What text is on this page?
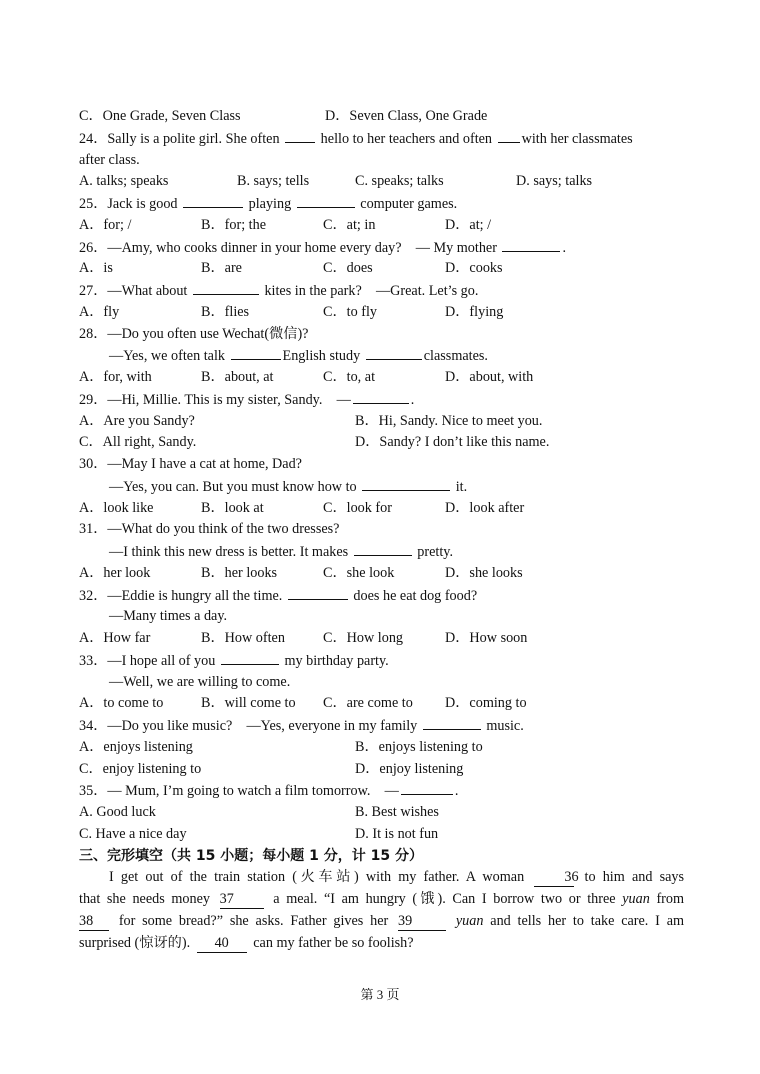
C．One Grade, Seven Class	D．Seven Class, One Grade
24．Sally is a polite girl. She often	hello to her teachers and often with her classmates
after class.
A. talks; speaks	B. says; tells	C. speaks; talks	D. says; talks
25．Jack is good	playing	computer games.
A．for; /	B．for; the	C．at; in	D．at; /
26．—Amy, who cooks dinner in your home every day?　— My mother	.
A．is	B．are	C．does	D．cooks
27．—What about	kites in the park?　—Great. Let’s go.
A．fly	B．flies	C．to fly	D．flying
28．—Do you often use Wechat(微信)?
—Yes, we often talk	English study	classmates.
A．for, with	B．about, at	C．to, at	D．about, with
29．—Hi, Millie. This is my sister, Sandy.　—	.
A．Are you Sandy?	B．Hi, Sandy. Nice to meet you.
C．All right, Sandy.	D．Sandy? I don’t like this name.
30．—May I have a cat at home, Dad?
—Yes, you can. But you must know how to	it.
A．look like	B．look at	C．look for	D．look after
31．—What do you think of the two dresses?
—I think this new dress is better. It makes	pretty.
A．her look	B．her looks	C．she look	D．she looks
32．—Eddie is hungry all the time.	does he eat dog food?
—Many times a day.
A．How far	B．How often	C．How long	D．How soon
33．—I hope all of you	my birthday party.
—Well, we are willing to come.
A．to come to	B．will come to	C．are come to	D．coming to
34．—Do you like music?　—Yes, everyone in my family	music.
A．enjoys listening	B．enjoys listening to
C．enjoy listening to	D．enjoy listening
35．— Mum, I’m going to watch a film tomorrow.　—	.
A. Good luck	B. Best wishes
C. Have a nice day	D. It is not fun
三、完形填空（共 15 小题；每小题 1 分，计 15 分）
I get out of the train station (火车站) with my father. A woman	36 to him and says
that she needs money 37	a meal. “I am hungry (饿). Can I borrow two or three yuan from
38 for some bread?” she asks. Father gives her 39	yuan and tells her to take care. I am
surprised (惊讶的). 40 can my father be so foolish?
第 3 页
